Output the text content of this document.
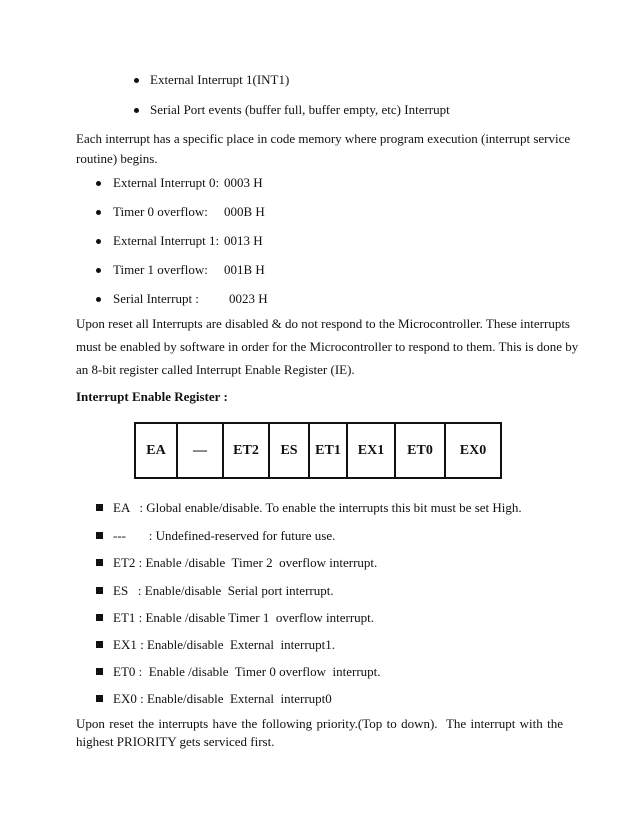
External Interrupt 1(INT1)
Serial Port events (buffer full, buffer empty, etc) Interrupt
Each interrupt has a specific place in code memory where program execution (interrupt service
routine) begins.
External Interrupt 0: 0003 H
Timer 0 overflow: 000B H
External Interrupt 1: 0013 H
Timer 1 overflow: 001B H
Serial Interrupt : 0023 H
Upon reset all Interrupts are disabled & do not respond to the Microcontroller. These interrupts
must be enabled by software in order for the Microcontroller to respond to them. This is done by
an 8-bit register called Interrupt Enable Register (IE).
Interrupt Enable Register :
EA	—	ET2	ES	ET1	EX1	ET0	EX0
EA   : Global enable/disable. To enable the interrupts this bit must be set High.
---       : Undefined-reserved for future use.
ET2 : Enable /disable  Timer 2  overflow interrupt.
ES   : Enable/disable  Serial port interrupt.
ET1 : Enable /disable Timer 1  overflow interrupt.
EX1 : Enable/disable  External  interrupt1.
ET0 :  Enable /disable  Timer 0 overflow  interrupt.
EX0 : Enable/disable  External  interrupt0
Upon reset the interrupts have the following priority.(Top to down).  The interrupt with the
highest PRIORITY gets serviced first.
